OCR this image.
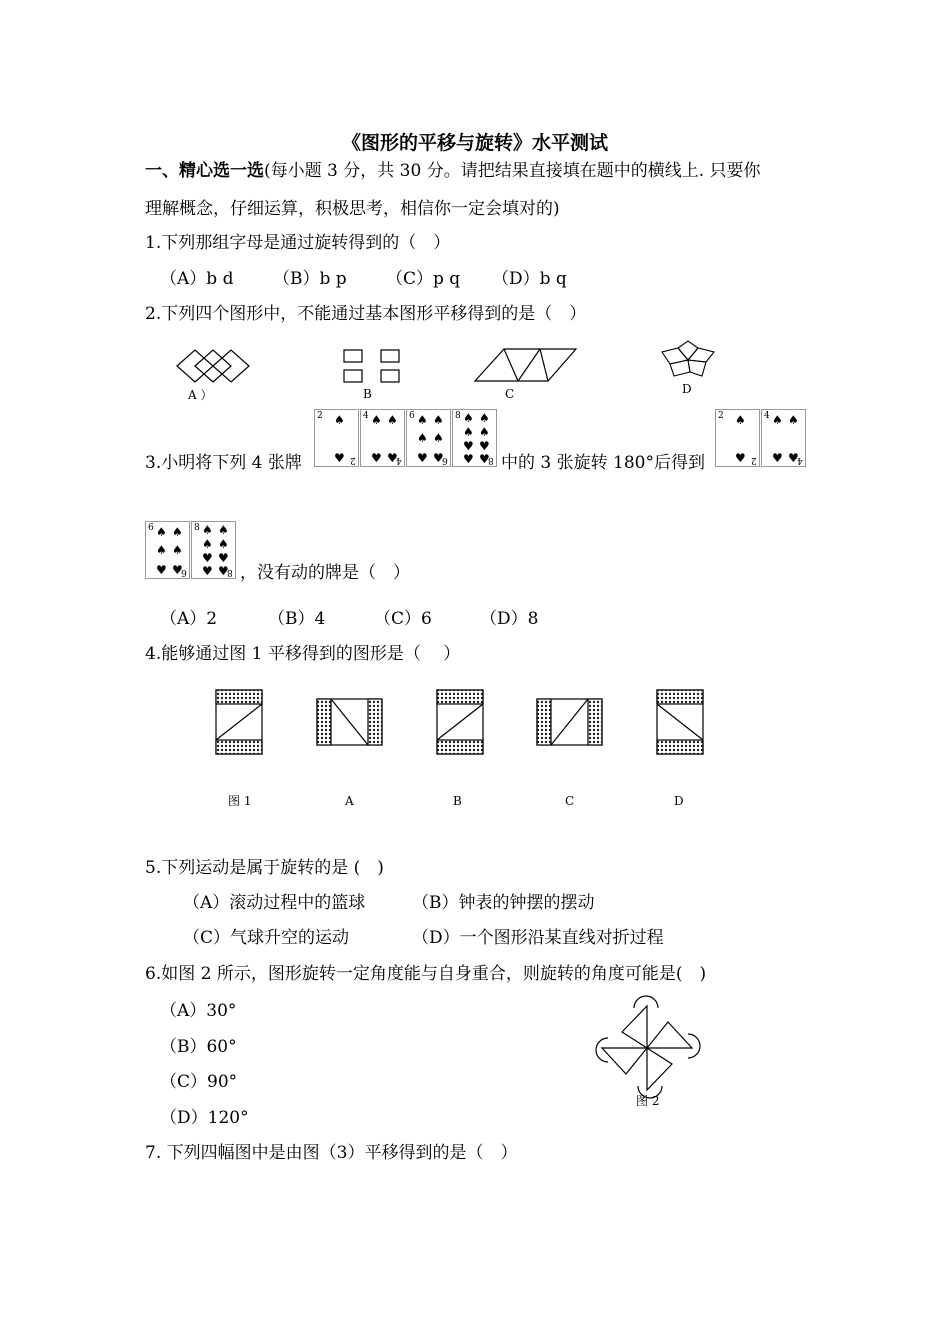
《图形的平移与旋转》水平测试
一、精心选一选(每小题 3 分，共 30 分。请把结果直接填在题中的横线上. 只要你
理解概念，仔细运算，积极思考，相信你一定会填对的)
1.下列那组字母是通过旋转得到的（　）
（A）b d （B）b p （C）p q （D）b q
2.下列四个图形中，不能通过基本图形平移得到的是（　）
A ）	B	C	D
2 ♠
♥ 2
4 ♠ ♠
♥ ♥
4
6 ♠ ♠
♠ ♠
♥ ♥
6
8 ♠ ♠
♠ ♠
♥ ♥
♥ ♥
8
3.小明将下列 4 张牌	中的 3 张旋转 180°后得到
2 ♠
♥ 2
4 ♠ ♠
♥ ♥
4
6 ♠ ♠
♠ ♠
♥ ♥
6
8 ♠ ♠
♠ ♠
♥ ♥
♥ ♥
8 ，没有动的牌是（　）
（A）2	（B）4	（C）6	（D）8
4.能够通过图 1 平移得到的图形是（　 ）
图 1	A	B	C	D
5.下列运动是属于旋转的是 (　)
（A）滚动过程中的篮球	（B）钟表的钟摆的摆动
（C）气球升空的运动	（D）一个图形沿某直线对折过程
6.如图 2 所示，图形旋转一定角度能与自身重合，则旋转的角度可能是(　)
（A）30°
（B）60°
（C）90°
（D）120°
图 2
7. 下列四幅图中是由图（3）平移得到的是（　）
